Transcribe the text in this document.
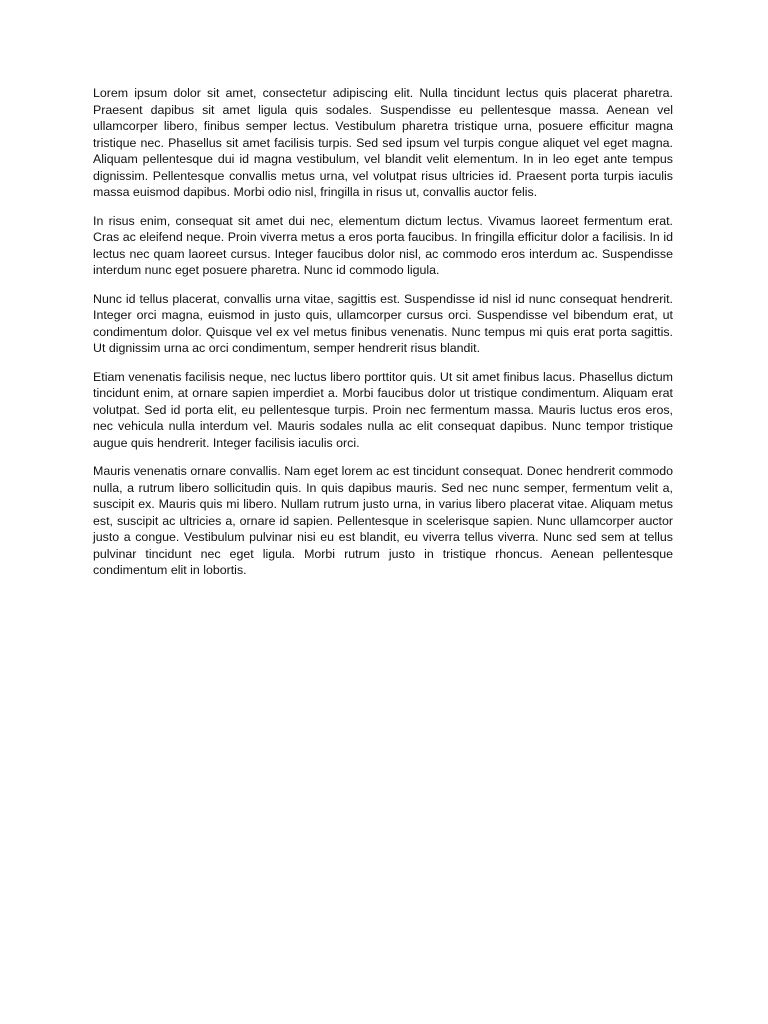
Lorem ipsum dolor sit amet, consectetur adipiscing elit. Nulla tincidunt lectus quis placerat pharetra. Praesent dapibus sit amet ligula quis sodales. Suspendisse eu pellentesque massa. Aenean vel ullamcorper libero, finibus semper lectus. Vestibulum pharetra tristique urna, posuere efficitur magna tristique nec. Phasellus sit amet facilisis turpis. Sed sed ipsum vel turpis congue aliquet vel eget magna. Aliquam pellentesque dui id magna vestibulum, vel blandit velit elementum. In in leo eget ante tempus dignissim. Pellentesque convallis metus urna, vel volutpat risus ultricies id. Praesent porta turpis iaculis massa euismod dapibus. Morbi odio nisl, fringilla in risus ut, convallis auctor felis.

In risus enim, consequat sit amet dui nec, elementum dictum lectus. Vivamus laoreet fermentum erat. Cras ac eleifend neque. Proin viverra metus a eros porta faucibus. In fringilla efficitur dolor a facilisis. In id lectus nec quam laoreet cursus. Integer faucibus dolor nisl, ac commodo eros interdum ac. Suspendisse interdum nunc eget posuere pharetra. Nunc id commodo ligula.

Nunc id tellus placerat, convallis urna vitae, sagittis est. Suspendisse id nisl id nunc consequat hendrerit. Integer orci magna, euismod in justo quis, ullamcorper cursus orci. Suspendisse vel bibendum erat, ut condimentum dolor. Quisque vel ex vel metus finibus venenatis. Nunc tempus mi quis erat porta sagittis. Ut dignissim urna ac orci condimentum, semper hendrerit risus blandit.

Etiam venenatis facilisis neque, nec luctus libero porttitor quis. Ut sit amet finibus lacus. Phasellus dictum tincidunt enim, at ornare sapien imperdiet a. Morbi faucibus dolor ut tristique condimentum. Aliquam erat volutpat. Sed id porta elit, eu pellentesque turpis. Proin nec fermentum massa. Mauris luctus eros eros, nec vehicula nulla interdum vel. Mauris sodales nulla ac elit consequat dapibus. Nunc tempor tristique augue quis hendrerit. Integer facilisis iaculis orci.

Mauris venenatis ornare convallis. Nam eget lorem ac est tincidunt consequat. Donec hendrerit commodo nulla, a rutrum libero sollicitudin quis. In quis dapibus mauris. Sed nec nunc semper, fermentum velit a, suscipit ex. Mauris quis mi libero. Nullam rutrum justo urna, in varius libero placerat vitae. Aliquam metus est, suscipit ac ultricies a, ornare id sapien. Pellentesque in scelerisque sapien. Nunc ullamcorper auctor justo a congue. Vestibulum pulvinar nisi eu est blandit, eu viverra tellus viverra. Nunc sed sem at tellus pulvinar tincidunt nec eget ligula. Morbi rutrum justo in tristique rhoncus. Aenean pellentesque condimentum elit in lobortis.
